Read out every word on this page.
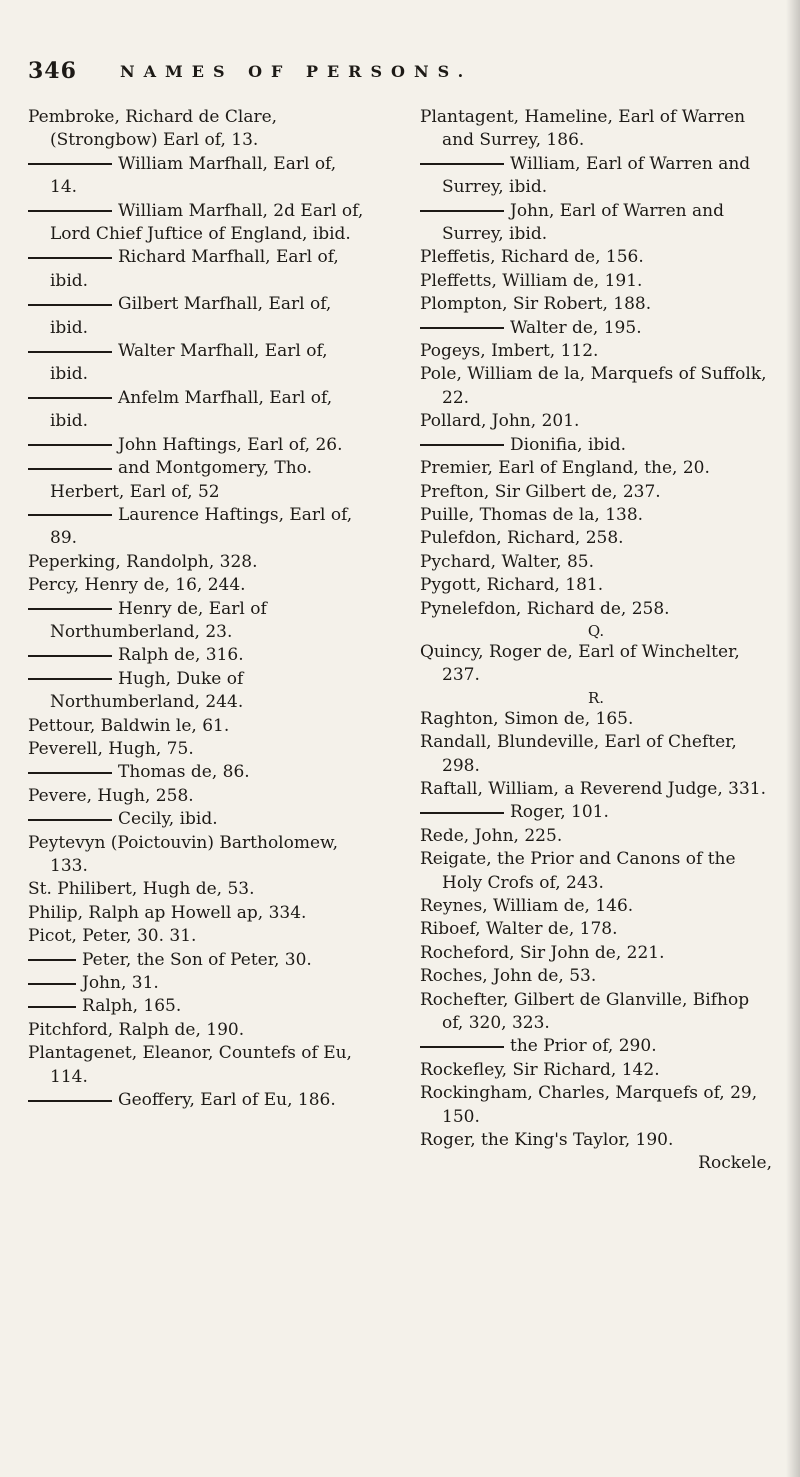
346	NAMES OF PERSONS.

Pembroke, Richard de Clare, (Strongbow) Earl of, 13.

William Marfhall, Earl of, 14.

William Marfhall, 2d Earl of, Lord Chief Juftice of England, ibid.

Richard Marfhall, Earl of, ibid.

Gilbert Marfhall, Earl of, ibid.

Walter Marfhall, Earl of, ibid.

Anfelm Marfhall, Earl of, ibid.

John Haftings, Earl of, 26.

and Montgomery, Tho. Herbert, Earl of, 52

Laurence Haftings, Earl of, 89.

Peperking, Randolph, 328.

Percy, Henry de, 16, 244.

Henry de, Earl of Northumberland, 23.

Ralph de, 316.

Hugh, Duke of Northumberland, 244.

Pettour, Baldwin le, 61.

Peverell, Hugh, 75.

Thomas de, 86.

Pevere, Hugh, 258.

Cecily, ibid.

Peytevyn (Poictouvin) Bartholomew, 133.

St. Philibert, Hugh de, 53.

Philip, Ralph ap Howell ap, 334.

Picot, Peter, 30. 31.

Peter, the Son of Peter, 30.

John, 31.

Ralph, 165.

Pitchford, Ralph de, 190.

Plantagenet, Eleanor, Countefs of Eu, 114.

Geoffery, Earl of Eu, 186.

Plantagent, Hameline, Earl of Warren and Surrey, 186.

William, Earl of Warren and Surrey, ibid.

John, Earl of Warren and Surrey, ibid.

Pleffetis, Richard de, 156.

Pleffetts, William de, 191.

Plompton, Sir Robert, 188.

Walter de, 195.

Pogeys, Imbert, 112.

Pole, William de la, Marquefs of Suffolk, 22.

Pollard, John, 201.

Dionifia, ibid.

Premier, Earl of England, the, 20.

Prefton, Sir Gilbert de, 237.

Puille, Thomas de la, 138.

Pulefdon, Richard, 258.

Pychard, Walter, 85.

Pygott, Richard, 181.

Pynelefdon, Richard de, 258.

Q.

Quincy, Roger de, Earl of Winchelter, 237.

R.

Raghton, Simon de, 165.

Randall, Blundeville, Earl of Chefter, 298.

Raftall, William, a Reverend Judge, 331.

Roger, 101.

Rede, John, 225.

Reigate, the Prior and Canons of the Holy Crofs of, 243.

Reynes, William de, 146.

Riboef, Walter de, 178.

Rocheford, Sir John de, 221.

Roches, John de, 53.

Rochefter, Gilbert de Glanville, Bifhop of, 320, 323.

the Prior of, 290.

Rockefley, Sir Richard, 142.

Rockingham, Charles, Marquefs of, 29, 150.

Roger, the King's Taylor, 190.

Rockele,
